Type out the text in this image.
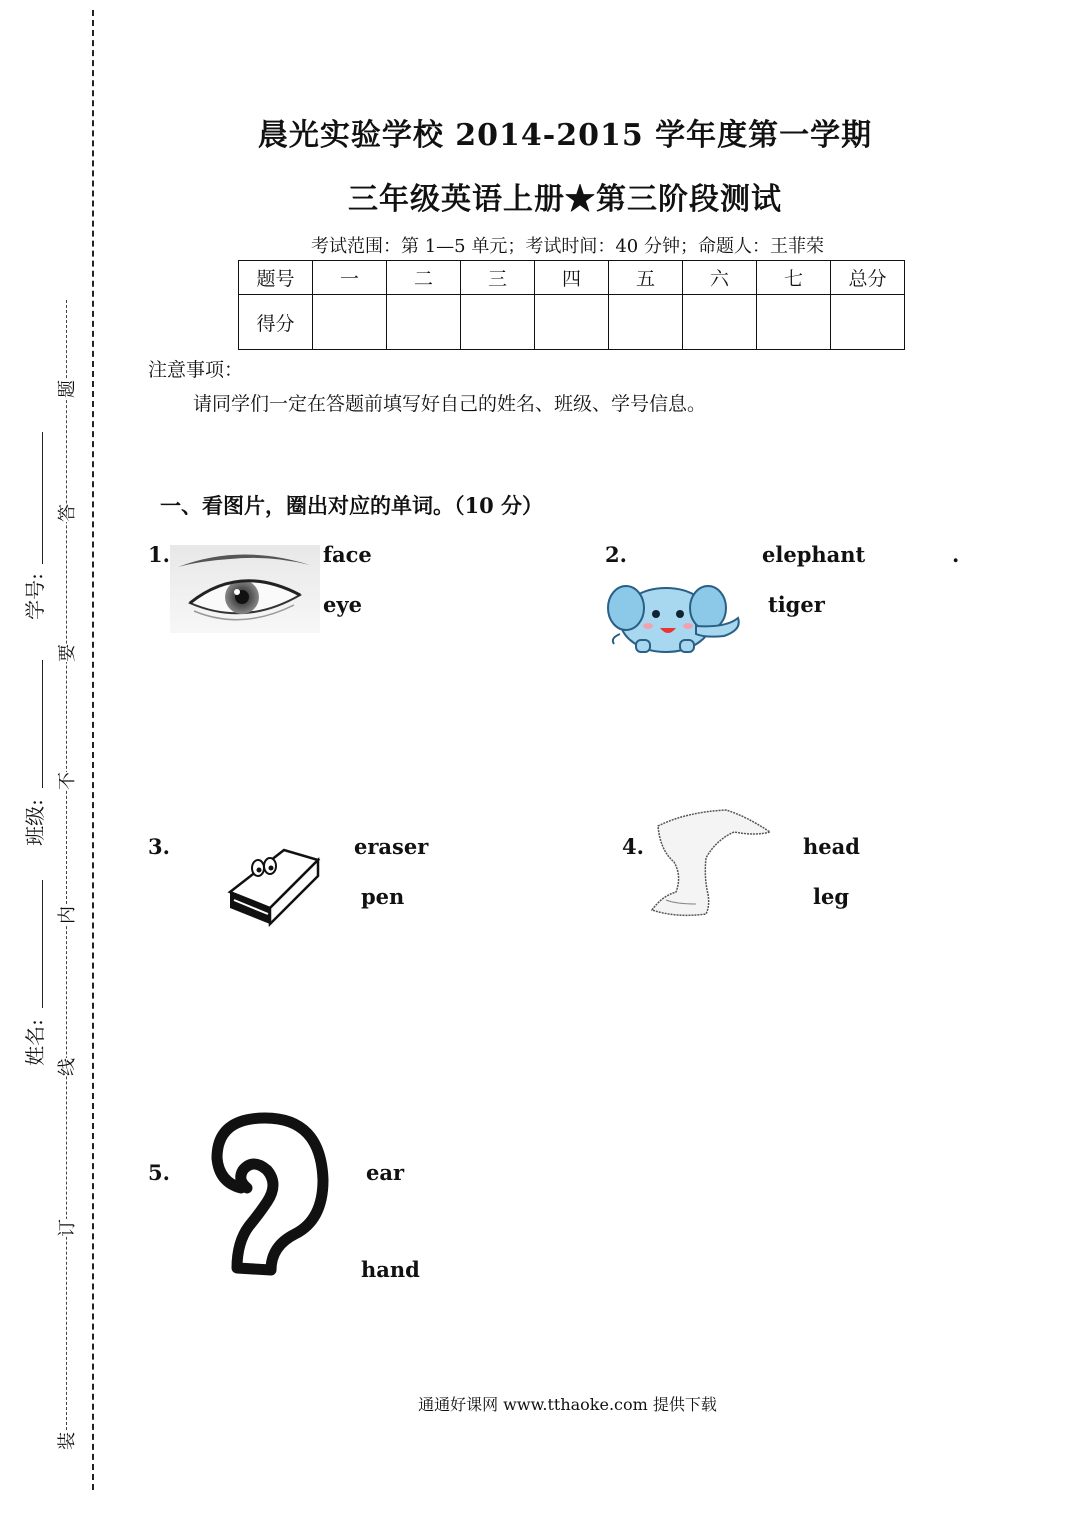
题
答
要
不
内
线
订
装
姓名:
班级:
学号:
晨光实验学校 2014-2015 学年度第一学期
三年级英语上册★第三阶段测试
考试范围：第 1—5 单元；考试时间：40 分钟；命题人：王菲荣
题号	一	二	三	四	五	六	七	总分
得分								
注意事项：
请同学们一定在答题前填写好自己的姓名、班级、学号信息。
一、看图片，圈出对应的单词。（10 分）
1.	face
eye
2.	elephant	.
tiger
3.	eraser
pen
4.	head
leg
5.	ear
hand
通通好课网 www.tthaoke.com 提供下载
